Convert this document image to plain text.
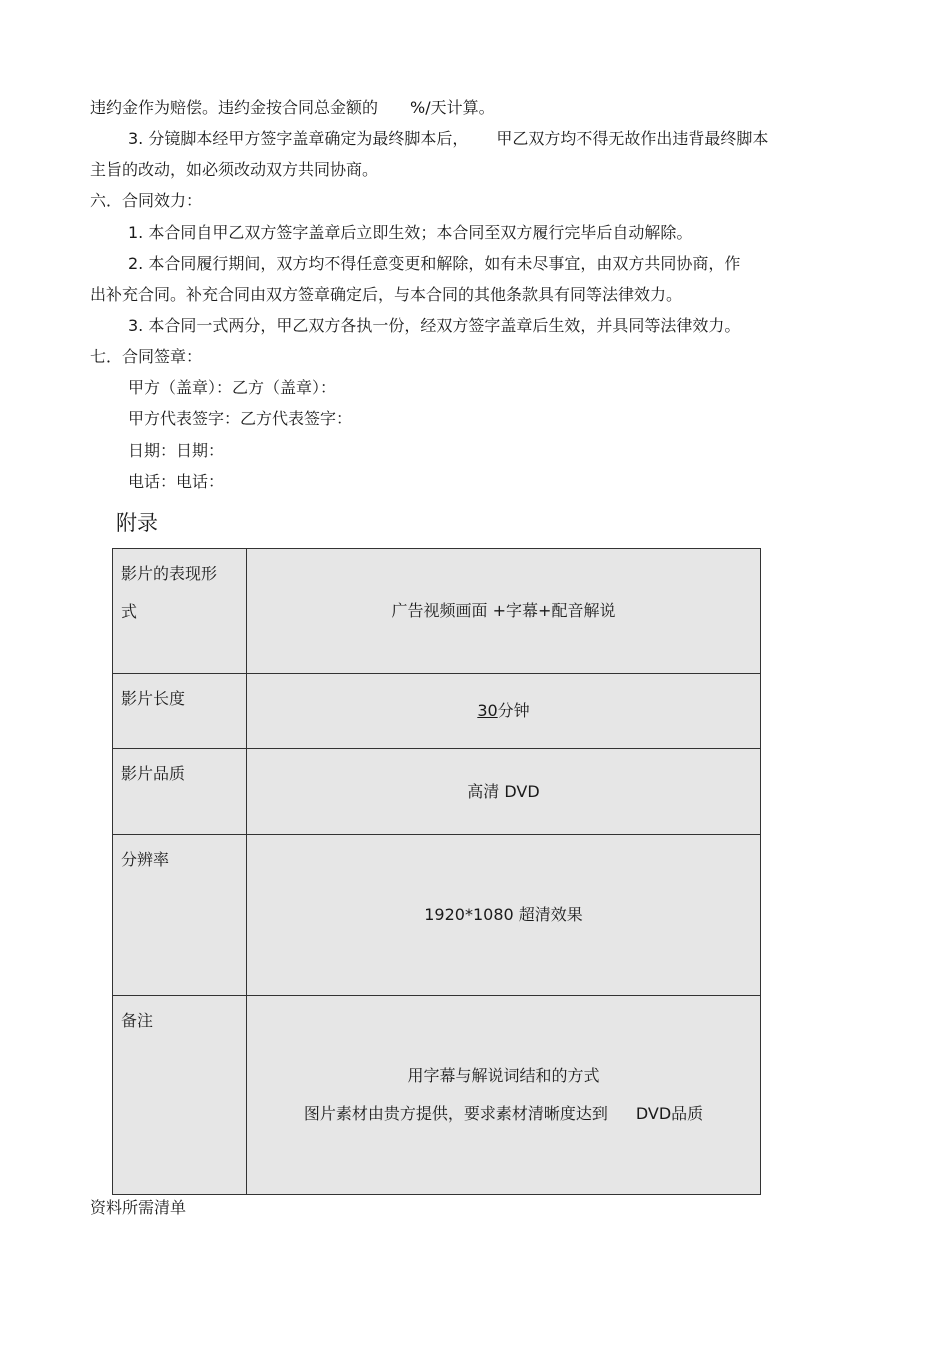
违约金作为赔偿。违约金按合同总金额的 %/天计算。
3. 分镜脚本经甲方签字盖章确定为最终脚本后， 甲乙双方均不得无故作出违背最终脚本
主旨的改动，如必须改动双方共同协商。
六．合同效力：
1. 本合同自甲乙双方签字盖章后立即生效；本合同至双方履行完毕后自动解除。
2. 本合同履行期间，双方均不得任意变更和解除，如有未尽事宜，由双方共同协商，作
出补充合同。补充合同由双方签章确定后，与本合同的其他条款具有同等法律效力。
3. 本合同一式两分，甲乙双方各执一份，经双方签字盖章后生效，并具同等法律效力。
七．合同签章：
甲方（盖章）：乙方（盖章）：
甲方代表签字：乙方代表签字：
日期：日期：
电话：电话：
附录
影片的表现形
式	广告视频画面 +字幕+配音解说

影片长度	30分钟

影片品质	高清 DVD

分辨率	1920*1080 超清效果

备注	用字幕与解说词结和的方式
图片素材由贵方提供，要求素材清晰度达到 DVD品质
资料所需清单
